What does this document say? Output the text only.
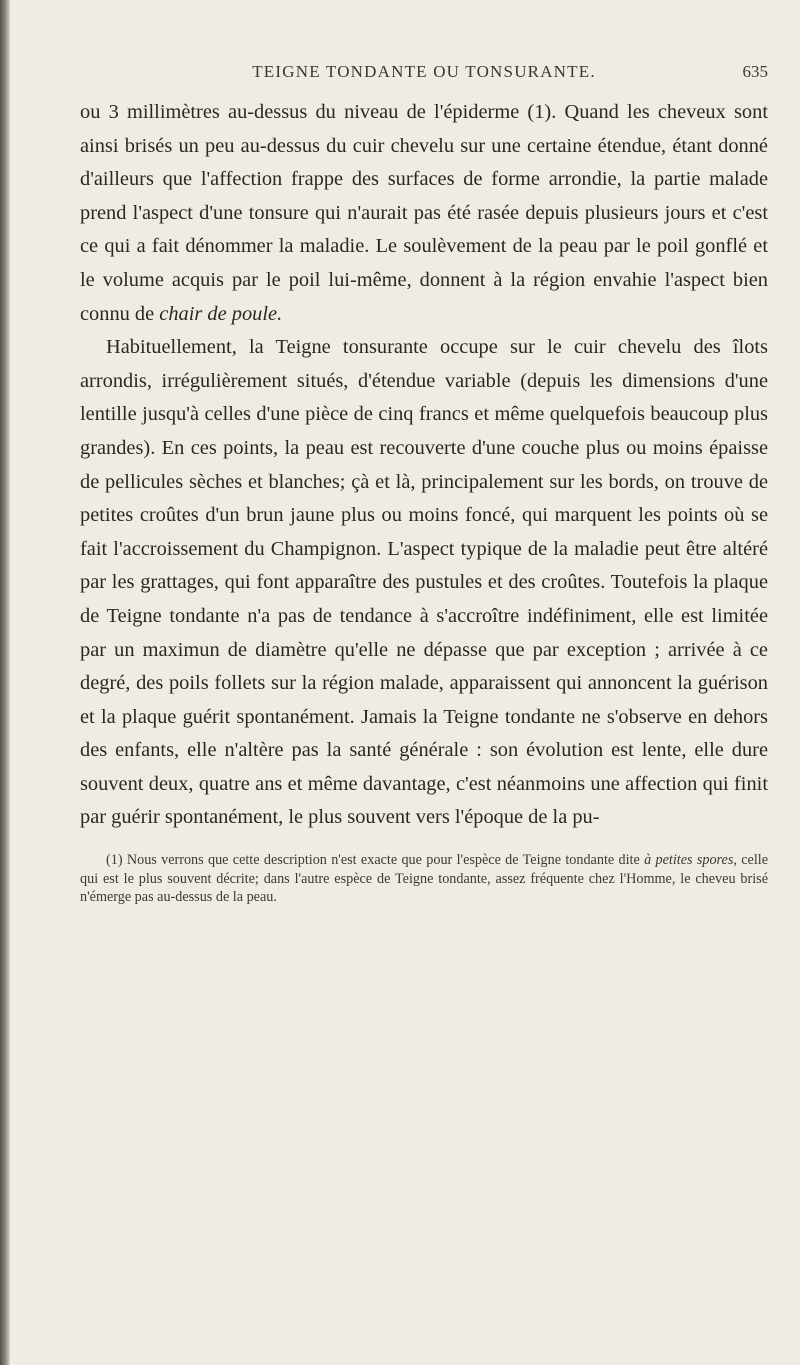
TEIGNE TONDANTE OU TONSURANTE.	635

ou 3 millimètres au-dessus du niveau de l'épiderme (1). Quand les cheveux sont ainsi brisés un peu au-dessus du cuir chevelu sur une certaine étendue, étant donné d'ailleurs que l'affection frappe des surfaces de forme arrondie, la partie malade prend l'aspect d'une tonsure qui n'aurait pas été rasée depuis plusieurs jours et c'est ce qui a fait dénommer la maladie. Le soulèvement de la peau par le poil gonflé et le volume acquis par le poil lui-même, donnent à la région envahie l'aspect bien connu de chair de poule.

Habituellement, la Teigne tonsurante occupe sur le cuir chevelu des îlots arrondis, irrégulièrement situés, d'étendue variable (depuis les dimensions d'une lentille jusqu'à celles d'une pièce de cinq francs et même quelquefois beaucoup plus grandes). En ces points, la peau est recouverte d'une couche plus ou moins épaisse de pellicules sèches et blanches; çà et là, principalement sur les bords, on trouve de petites croûtes d'un brun jaune plus ou moins foncé, qui marquent les points où se fait l'accroissement du Champignon. L'aspect typique de la maladie peut être altéré par les grattages, qui font apparaître des pustules et des croûtes. Toutefois la plaque de Teigne tondante n'a pas de tendance à s'accroître indéfiniment, elle est limitée par un maximun de diamètre qu'elle ne dépasse que par exception ; arrivée à ce degré, des poils follets sur la région malade, apparaissent qui annoncent la guérison et la plaque guérit spontanément. Jamais la Teigne tondante ne s'observe en dehors des enfants, elle n'altère pas la santé générale : son évolution est lente, elle dure souvent deux, quatre ans et même davantage, c'est néanmoins une affection qui finit par guérir spontanément, le plus souvent vers l'époque de la pu-

(1) Nous verrons que cette description n'est exacte que pour l'espèce de Teigne tondante dite à petites spores, celle qui est le plus souvent décrite; dans l'autre espèce de Teigne tondante, assez fréquente chez l'Homme, le cheveu brisé n'émerge pas au-dessus de la peau.
